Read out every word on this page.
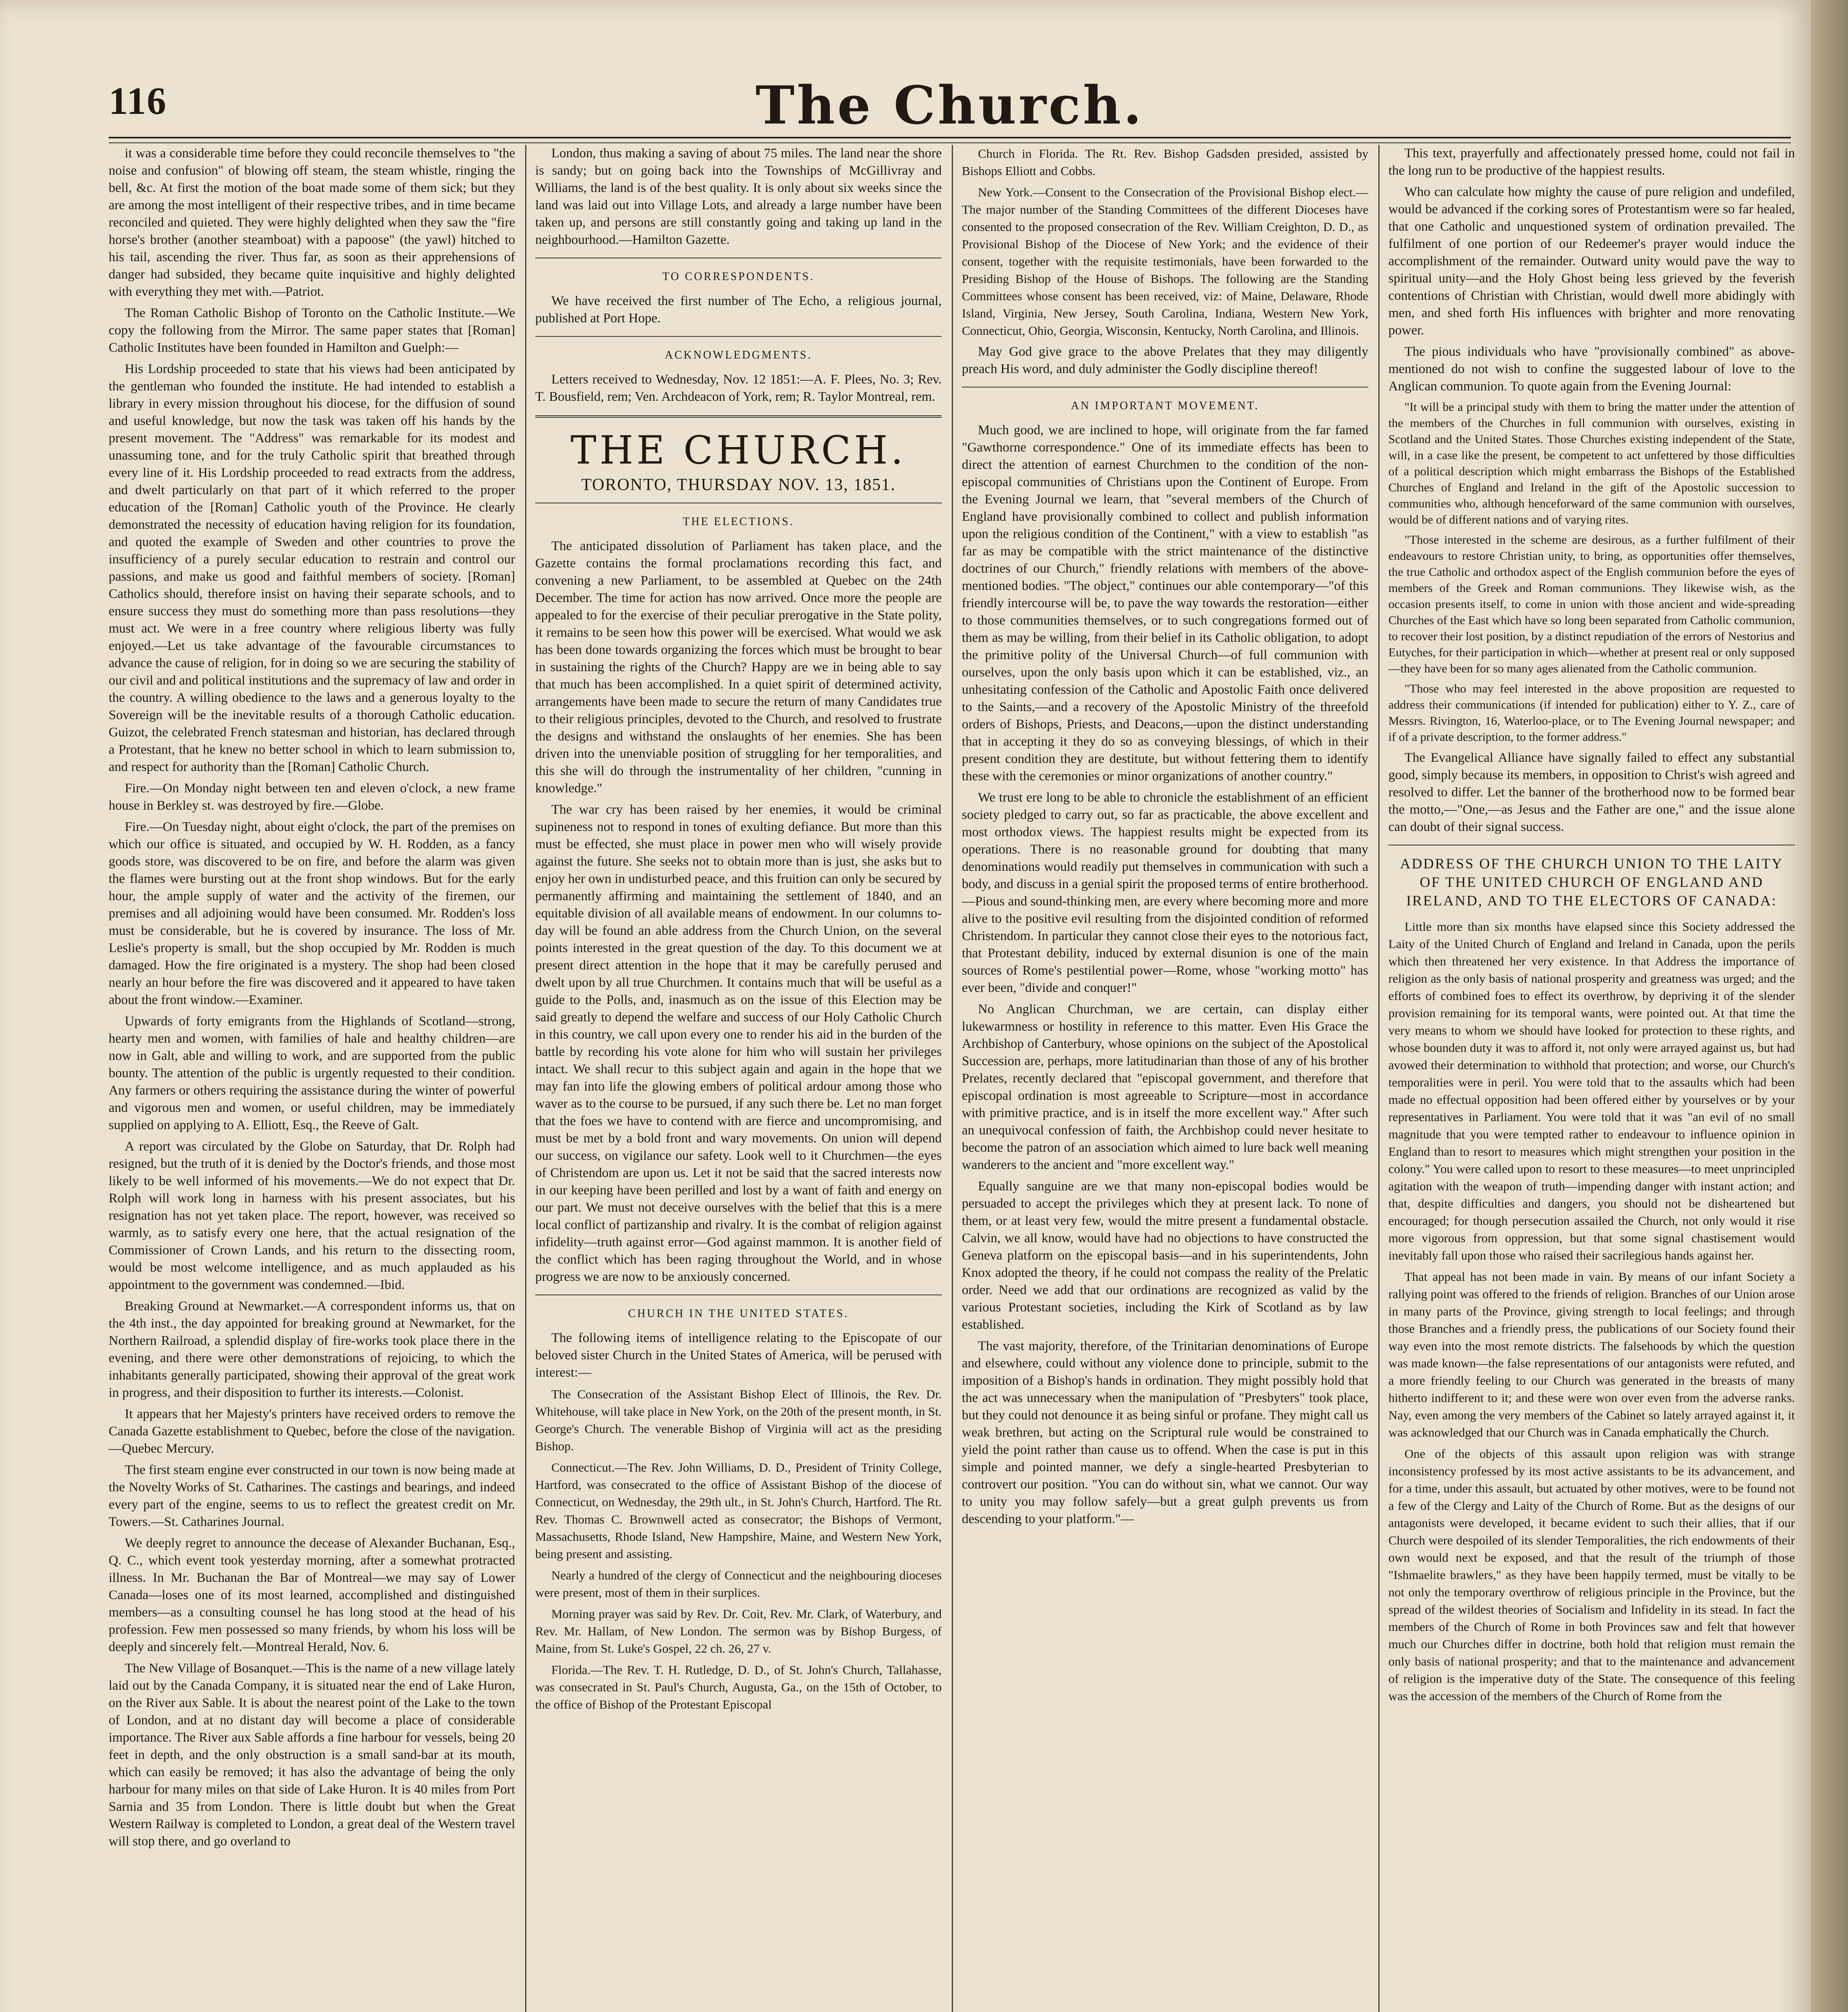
116	The Church.

it was a considerable time before they could reconcile themselves to "the noise and confusion" of blowing off steam, the steam whistle, ringing the bell, &c. At first the motion of the boat made some of them sick; but they are among the most intelligent of their respective tribes, and in time became reconciled and quieted. They were highly delighted when they saw the "fire horse's brother (another steamboat) with a papoose" (the yawl) hitched to his tail, ascending the river. Thus far, as soon as their apprehensions of danger had subsided, they became quite inquisitive and highly delighted with everything they met with.—Patriot.

The Roman Catholic Bishop of Toronto on the Catholic Institute.—We copy the following from the Mirror. The same paper states that [Roman] Catholic Institutes have been founded in Hamilton and Guelph:—

His Lordship proceeded to state that his views had been anticipated by the gentleman who founded the institute. He had intended to establish a library in every mission throughout his diocese, for the diffusion of sound and useful knowledge, but now the task was taken off his hands by the present movement. The "Address" was remarkable for its modest and unassuming tone, and for the truly Catholic spirit that breathed through every line of it. His Lordship proceeded to read extracts from the address, and dwelt particularly on that part of it which referred to the proper education of the [Roman] Catholic youth of the Province. He clearly demonstrated the necessity of education having religion for its foundation, and quoted the example of Sweden and other countries to prove the insufficiency of a purely secular education to restrain and control our passions, and make us good and faithful members of society. [Roman] Catholics should, therefore insist on having their separate schools, and to ensure success they must do something more than pass resolutions—they must act. We were in a free country where religious liberty was fully enjoyed.—Let us take advantage of the favourable circumstances to advance the cause of religion, for in doing so we are securing the stability of our civil and and political institutions and the supremacy of law and order in the country. A willing obedience to the laws and a generous loyalty to the Sovereign will be the inevitable results of a thorough Catholic education. Guizot, the celebrated French statesman and historian, has declared through a Protestant, that he knew no better school in which to learn submission to, and respect for authority than the [Roman] Catholic Church.

Fire.—On Monday night between ten and eleven o'clock, a new frame house in Berkley st. was destroyed by fire.—Globe.

Fire.—On Tuesday night, about eight o'clock, the part of the premises on which our office is situated, and occupied by W. H. Rodden, as a fancy goods store, was discovered to be on fire, and before the alarm was given the flames were bursting out at the front shop windows. But for the early hour, the ample supply of water and the activity of the firemen, our premises and all adjoining would have been consumed. Mr. Rodden's loss must be considerable, but he is covered by insurance. The loss of Mr. Leslie's property is small, but the shop occupied by Mr. Rodden is much damaged. How the fire originated is a mystery. The shop had been closed nearly an hour before the fire was discovered and it appeared to have taken about the front window.—Examiner.

Upwards of forty emigrants from the Highlands of Scotland—strong, hearty men and women, with families of hale and healthy children—are now in Galt, able and willing to work, and are supported from the public bounty. The attention of the public is urgently requested to their condition. Any farmers or others requiring the assistance during the winter of powerful and vigorous men and women, or useful children, may be immediately supplied on applying to A. Elliott, Esq., the Reeve of Galt.

A report was circulated by the Globe on Saturday, that Dr. Rolph had resigned, but the truth of it is denied by the Doctor's friends, and those most likely to be well informed of his movements.—We do not expect that Dr. Rolph will work long in harness with his present associates, but his resignation has not yet taken place. The report, however, was received so warmly, as to satisfy every one here, that the actual resignation of the Commissioner of Crown Lands, and his return to the dissecting room, would be most welcome intelligence, and as much applauded as his appointment to the government was condemned.—Ibid.

Breaking Ground at Newmarket.—A correspondent informs us, that on the 4th inst., the day appointed for breaking ground at Newmarket, for the Northern Railroad, a splendid display of fire-works took place there in the evening, and there were other demonstrations of rejoicing, to which the inhabitants generally participated, showing their approval of the great work in progress, and their disposition to further its interests.—Colonist.

It appears that her Majesty's printers have received orders to remove the Canada Gazette establishment to Quebec, before the close of the navigation.—Quebec Mercury.

The first steam engine ever constructed in our town is now being made at the Novelty Works of St. Catharines. The castings and bearings, and indeed every part of the engine, seems to us to reflect the greatest credit on Mr. Towers.—St. Catharines Journal.

We deeply regret to announce the decease of Alexander Buchanan, Esq., Q. C., which event took yesterday morning, after a somewhat protracted illness. In Mr. Buchanan the Bar of Montreal—we may say of Lower Canada—loses one of its most learned, accomplished and distinguished members—as a consulting counsel he has long stood at the head of his profession. Few men possessed so many friends, by whom his loss will be deeply and sincerely felt.—Montreal Herald, Nov. 6.

The New Village of Bosanquet.—This is the name of a new village lately laid out by the Canada Company, it is situated near the end of Lake Huron, on the River aux Sable. It is about the nearest point of the Lake to the town of London, and at no distant day will become a place of considerable importance. The River aux Sable affords a fine harbour for vessels, being 20 feet in depth, and the only obstruction is a small sand-bar at its mouth, which can easily be removed; it has also the advantage of being the only harbour for many miles on that side of Lake Huron. It is 40 miles from Port Sarnia and 35 from London. There is little doubt but when the Great Western Railway is completed to London, a great deal of the Western travel will stop there, and go overland to

London, thus making a saving of about 75 miles. The land near the shore is sandy; but on going back into the Townships of McGillivray and Williams, the land is of the best quality. It is only about six weeks since the land was laid out into Village Lots, and already a large number have been taken up, and persons are still constantly going and taking up land in the neighbourhood.—Hamilton Gazette.

TO CORRESPONDENTS.

We have received the first number of The Echo, a religious journal, published at Port Hope.

ACKNOWLEDGMENTS.

Letters received to Wednesday, Nov. 12 1851:—A. F. Plees, No. 3; Rev. T. Bousfield, rem; Ven. Archdeacon of York, rem; R. Taylor Montreal, rem.

THE CHURCH.

TORONTO, THURSDAY NOV. 13, 1851.

THE ELECTIONS.

The anticipated dissolution of Parliament has taken place, and the Gazette contains the formal proclamations recording this fact, and convening a new Parliament, to be assembled at Quebec on the 24th December. The time for action has now arrived. Once more the people are appealed to for the exercise of their peculiar prerogative in the State polity, it remains to be seen how this power will be exercised. What would we ask has been done towards organizing the forces which must be brought to bear in sustaining the rights of the Church? Happy are we in being able to say that much has been accomplished. In a quiet spirit of determined activity, arrangements have been made to secure the return of many Candidates true to their religious principles, devoted to the Church, and resolved to frustrate the designs and withstand the onslaughts of her enemies. She has been driven into the unenviable position of struggling for her temporalities, and this she will do through the instrumentality of her children, "cunning in knowledge."

The war cry has been raised by her enemies, it would be criminal supineness not to respond in tones of exulting defiance. But more than this must be effected, she must place in power men who will wisely provide against the future. She seeks not to obtain more than is just, she asks but to enjoy her own in undisturbed peace, and this fruition can only be secured by permanently affirming and maintaining the settlement of 1840, and an equitable division of all available means of endowment. In our columns to-day will be found an able address from the Church Union, on the several points interested in the great question of the day. To this document we at present direct attention in the hope that it may be carefully perused and dwelt upon by all true Churchmen. It contains much that will be useful as a guide to the Polls, and, inasmuch as on the issue of this Election may be said greatly to depend the welfare and success of our Holy Catholic Church in this country, we call upon every one to render his aid in the burden of the battle by recording his vote alone for him who will sustain her privileges intact. We shall recur to this subject again and again in the hope that we may fan into life the glowing embers of political ardour among those who waver as to the course to be pursued, if any such there be. Let no man forget that the foes we have to contend with are fierce and uncompromising, and must be met by a bold front and wary movements. On union will depend our success, on vigilance our safety. Look well to it Churchmen—the eyes of Christendom are upon us. Let it not be said that the sacred interests now in our keeping have been perilled and lost by a want of faith and energy on our part. We must not deceive ourselves with the belief that this is a mere local conflict of partizanship and rivalry. It is the combat of religion against infidelity—truth against error—God against mammon. It is another field of the conflict which has been raging throughout the World, and in whose progress we are now to be anxiously concerned.

CHURCH IN THE UNITED STATES.

The following items of intelligence relating to the Episcopate of our beloved sister Church in the United States of America, will be perused with interest:—

The Consecration of the Assistant Bishop Elect of Illinois, the Rev. Dr. Whitehouse, will take place in New York, on the 20th of the present month, in St. George's Church. The venerable Bishop of Virginia will act as the presiding Bishop.

Connecticut.—The Rev. John Williams, D. D., President of Trinity College, Hartford, was consecrated to the office of Assistant Bishop of the diocese of Connecticut, on Wednesday, the 29th ult., in St. John's Church, Hartford. The Rt. Rev. Thomas C. Brownwell acted as consecrator; the Bishops of Vermont, Massachusetts, Rhode Island, New Hampshire, Maine, and Western New York, being present and assisting.

Nearly a hundred of the clergy of Connecticut and the neighbouring dioceses were present, most of them in their surplices.

Morning prayer was said by Rev. Dr. Coit, Rev. Mr. Clark, of Waterbury, and Rev. Mr. Hallam, of New London. The sermon was by Bishop Burgess, of Maine, from St. Luke's Gospel, 22 ch. 26, 27 v.

Florida.—The Rev. T. H. Rutledge, D. D., of St. John's Church, Tallahasse, was consecrated in St. Paul's Church, Augusta, Ga., on the 15th of October, to the office of Bishop of the Protestant Episcopal

Church in Florida. The Rt. Rev. Bishop Gadsden presided, assisted by Bishops Elliott and Cobbs.

New York.—Consent to the Consecration of the Provisional Bishop elect.—The major number of the Standing Committees of the different Dioceses have consented to the proposed consecration of the Rev. William Creighton, D. D., as Provisional Bishop of the Diocese of New York; and the evidence of their consent, together with the requisite testimonials, have been forwarded to the Presiding Bishop of the House of Bishops. The following are the Standing Committees whose consent has been received, viz: of Maine, Delaware, Rhode Island, Virginia, New Jersey, South Carolina, Indiana, Western New York, Connecticut, Ohio, Georgia, Wisconsin, Kentucky, North Carolina, and Illinois.

May God give grace to the above Prelates that they may diligently preach His word, and duly administer the Godly discipline thereof!

AN IMPORTANT MOVEMENT.

Much good, we are inclined to hope, will originate from the far famed "Gawthorne correspondence." One of its immediate effects has been to direct the attention of earnest Churchmen to the condition of the non-episcopal communities of Christians upon the Continent of Europe. From the Evening Journal we learn, that "several members of the Church of England have provisionally combined to collect and publish information upon the religious condition of the Continent," with a view to establish "as far as may be compatible with the strict maintenance of the distinctive doctrines of our Church," friendly relations with members of the above-mentioned bodies. "The object," continues our able contemporary—"of this friendly intercourse will be, to pave the way towards the restoration—either to those communities themselves, or to such congregations formed out of them as may be willing, from their belief in its Catholic obligation, to adopt the primitive polity of the Universal Church—of full communion with ourselves, upon the only basis upon which it can be established, viz., an unhesitating confession of the Catholic and Apostolic Faith once delivered to the Saints,—and a recovery of the Apostolic Ministry of the threefold orders of Bishops, Priests, and Deacons,—upon the distinct understanding that in accepting it they do so as conveying blessings, of which in their present condition they are destitute, but without fettering them to identify these with the ceremonies or minor organizations of another country."

We trust ere long to be able to chronicle the establishment of an efficient society pledged to carry out, so far as practicable, the above excellent and most orthodox views. The happiest results might be expected from its operations. There is no reasonable ground for doubting that many denominations would readily put themselves in communication with such a body, and discuss in a genial spirit the proposed terms of entire brotherhood.—Pious and sound-thinking men, are every where becoming more and more alive to the positive evil resulting from the disjointed condition of reformed Christendom. In particular they cannot close their eyes to the notorious fact, that Protestant debility, induced by external disunion is one of the main sources of Rome's pestilential power—Rome, whose "working motto" has ever been, "divide and conquer!"

No Anglican Churchman, we are certain, can display either lukewarmness or hostility in reference to this matter. Even His Grace the Archbishop of Canterbury, whose opinions on the subject of the Apostolical Succession are, perhaps, more latitudinarian than those of any of his brother Prelates, recently declared that "episcopal government, and therefore that episcopal ordination is most agreeable to Scripture—most in accordance with primitive practice, and is in itself the more excellent way." After such an unequivocal confession of faith, the Archbishop could never hesitate to become the patron of an association which aimed to lure back well meaning wanderers to the ancient and "more excellent way."

Equally sanguine are we that many non-episcopal bodies would be persuaded to accept the privileges which they at present lack. To none of them, or at least very few, would the mitre present a fundamental obstacle. Calvin, we all know, would have had no objections to have constructed the Geneva platform on the episcopal basis—and in his superintendents, John Knox adopted the theory, if he could not compass the reality of the Prelatic order. Need we add that our ordinations are recognized as valid by the various Protestant societies, including the Kirk of Scotland as by law established.

The vast majority, therefore, of the Trinitarian denominations of Europe and elsewhere, could without any violence done to principle, submit to the imposition of a Bishop's hands in ordination. They might possibly hold that the act was unnecessary when the manipulation of "Presbyters" took place, but they could not denounce it as being sinful or profane. They might call us weak brethren, but acting on the Scriptural rule would be constrained to yield the point rather than cause us to offend. When the case is put in this simple and pointed manner, we defy a single-hearted Presbyterian to controvert our position. "You can do without sin, what we cannot. Our way to unity you may follow safely—but a great gulph prevents us from descending to your platform."—

This text, prayerfully and affectionately pressed home, could not fail in the long run to be productive of the happiest results.

Who can calculate how mighty the cause of pure religion and undefiled, would be advanced if the corking sores of Protestantism were so far healed, that one Catholic and unquestioned system of ordination prevailed. The fulfilment of one portion of our Redeemer's prayer would induce the accomplishment of the remainder. Outward unity would pave the way to spiritual unity—and the Holy Ghost being less grieved by the feverish contentions of Christian with Christian, would dwell more abidingly with men, and shed forth His influences with brighter and more renovating power.

The pious individuals who have "provisionally combined" as above-mentioned do not wish to confine the suggested labour of love to the Anglican communion. To quote again from the Evening Journal:

"It will be a principal study with them to bring the matter under the attention of the members of the Churches in full communion with ourselves, existing in Scotland and the United States. Those Churches existing independent of the State, will, in a case like the present, be competent to act unfettered by those difficulties of a political description which might embarrass the Bishops of the Established Churches of England and Ireland in the gift of the Apostolic succession to communities who, although henceforward of the same communion with ourselves, would be of different nations and of varying rites.

"Those interested in the scheme are desirous, as a further fulfilment of their endeavours to restore Christian unity, to bring, as opportunities offer themselves, the true Catholic and orthodox aspect of the English communion before the eyes of members of the Greek and Roman communions. They likewise wish, as the occasion presents itself, to come in union with those ancient and wide-spreading Churches of the East which have so long been separated from Catholic communion, to recover their lost position, by a distinct repudiation of the errors of Nestorius and Eutyches, for their participation in which—whether at present real or only supposed—they have been for so many ages alienated from the Catholic communion.

"Those who may feel interested in the above proposition are requested to address their communications (if intended for publication) either to Y. Z., care of Messrs. Rivington, 16, Waterloo-place, or to The Evening Journal newspaper; and if of a private description, to the former address."

The Evangelical Alliance have signally failed to effect any substantial good, simply because its members, in opposition to Christ's wish agreed and resolved to differ. Let the banner of the brotherhood now to be formed bear the motto,—"One,—as Jesus and the Father are one," and the issue alone can doubt of their signal success.

ADDRESS OF THE CHURCH UNION TO THE LAITY OF THE UNITED CHURCH OF ENGLAND AND IRELAND, AND TO THE ELECTORS OF CANADA:

Little more than six months have elapsed since this Society addressed the Laity of the United Church of England and Ireland in Canada, upon the perils which then threatened her very existence. In that Address the importance of religion as the only basis of national prosperity and greatness was urged; and the efforts of combined foes to effect its overthrow, by depriving it of the slender provision remaining for its temporal wants, were pointed out. At that time the very means to whom we should have looked for protection to these rights, and whose bounden duty it was to afford it, not only were arrayed against us, but had avowed their determination to withhold that protection; and worse, our Church's temporalities were in peril. You were told that to the assaults which had been made no effectual opposition had been offered either by yourselves or by your representatives in Parliament. You were told that it was "an evil of no small magnitude that you were tempted rather to endeavour to influence opinion in England than to resort to measures which might strengthen your position in the colony." You were called upon to resort to these measures—to meet unprincipled agitation with the weapon of truth—impending danger with instant action; and that, despite difficulties and dangers, you should not be disheartened but encouraged; for though persecution assailed the Church, not only would it rise more vigorous from oppression, but that some signal chastisement would inevitably fall upon those who raised their sacrilegious hands against her.

That appeal has not been made in vain. By means of our infant Society a rallying point was offered to the friends of religion. Branches of our Union arose in many parts of the Province, giving strength to local feelings; and through those Branches and a friendly press, the publications of our Society found their way even into the most remote districts. The falsehoods by which the question was made known—the false representations of our antagonists were refuted, and a more friendly feeling to our Church was generated in the breasts of many hitherto indifferent to it; and these were won over even from the adverse ranks. Nay, even among the very members of the Cabinet so lately arrayed against it, it was acknowledged that our Church was in Canada emphatically the Church.

One of the objects of this assault upon religion was with strange inconsistency professed by its most active assistants to be its advancement, and for a time, under this assault, but actuated by other motives, were to be found not a few of the Clergy and Laity of the Church of Rome. But as the designs of our antagonists were developed, it became evident to such their allies, that if our Church were despoiled of its slender Temporalities, the rich endowments of their own would next be exposed, and that the result of the triumph of those "Ishmaelite brawlers," as they have been happily termed, must be vitally to be not only the temporary overthrow of religious principle in the Province, but the spread of the wildest theories of Socialism and Infidelity in its stead. In fact the members of the Church of Rome in both Provinces saw and felt that however much our Churches differ in doctrine, both hold that religion must remain the only basis of national prosperity; and that to the maintenance and advancement of religion is the imperative duty of the State. The consequence of this feeling was the accession of the members of the Church of Rome from the
